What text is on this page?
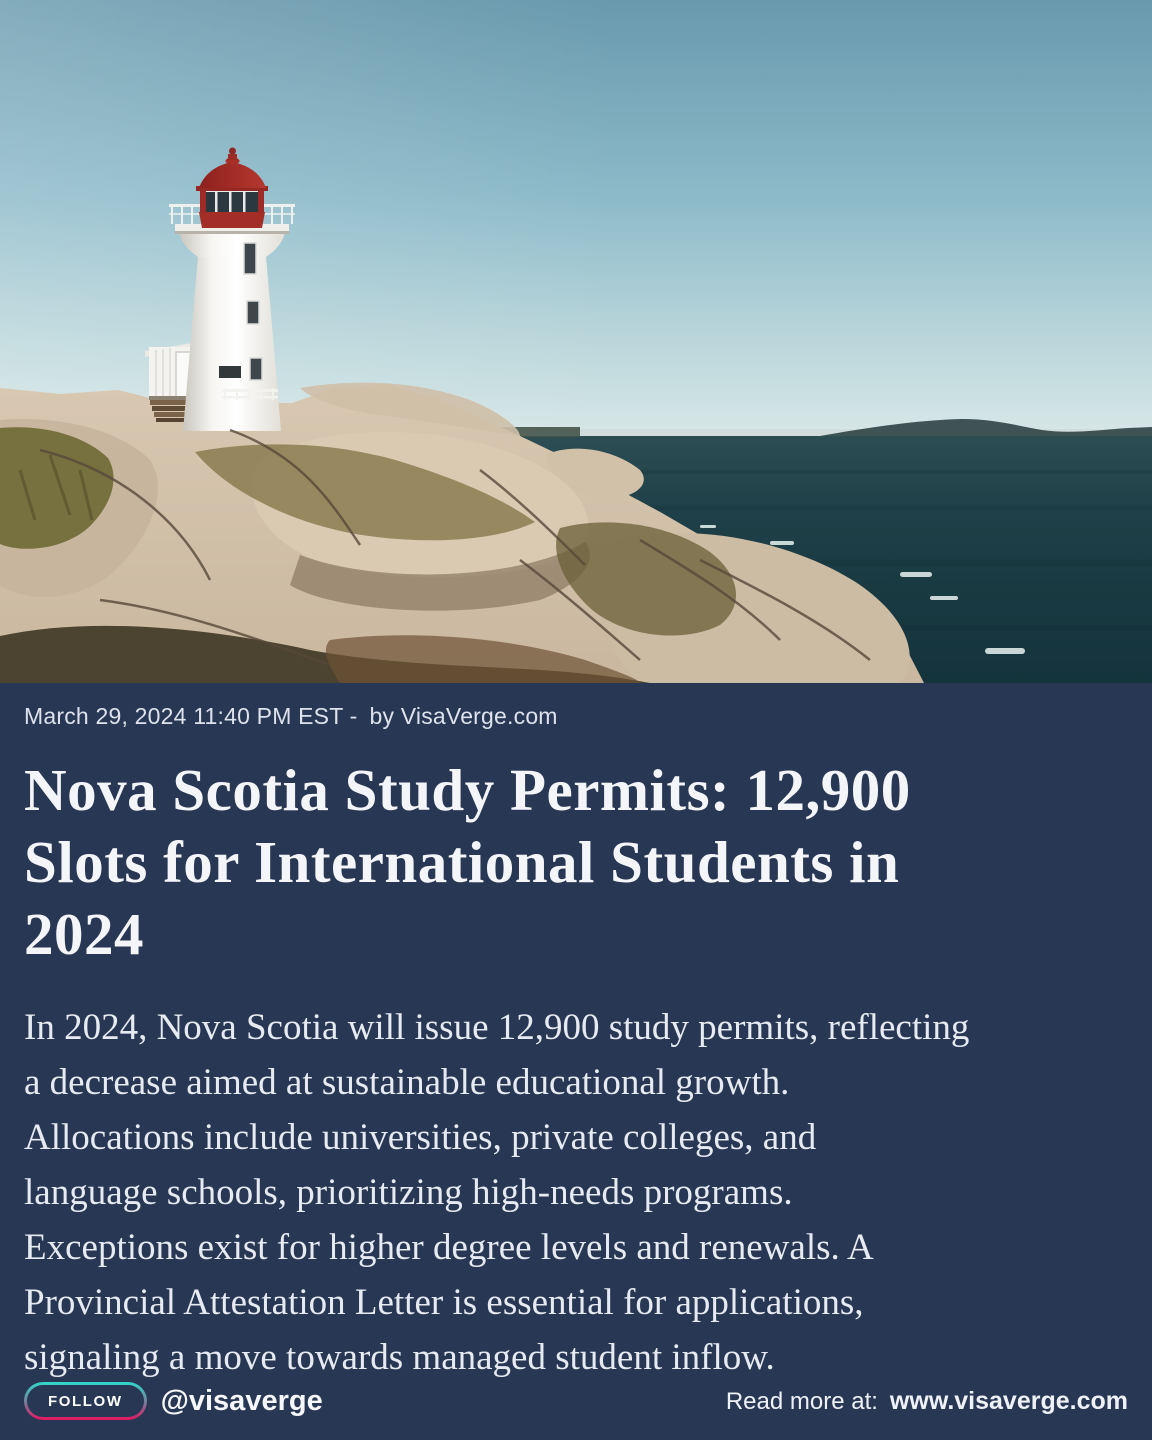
March 29, 2024 11:40 PM EST - by VisaVerge.com
Nova Scotia Study Permits: 12,900
Slots for International Students in
2024

In 2024, Nova Scotia will issue 12,900 study permits, reflecting
a decrease aimed at sustainable educational growth.
Allocations include universities, private colleges, and
language schools, prioritizing high-needs programs.
Exceptions exist for higher degree levels and renewals. A
Provincial Attestation Letter is essential for applications,
signaling a move towards managed student inflow.

FOLLOW	@visaverge	Read more at: www.visaverge.com
